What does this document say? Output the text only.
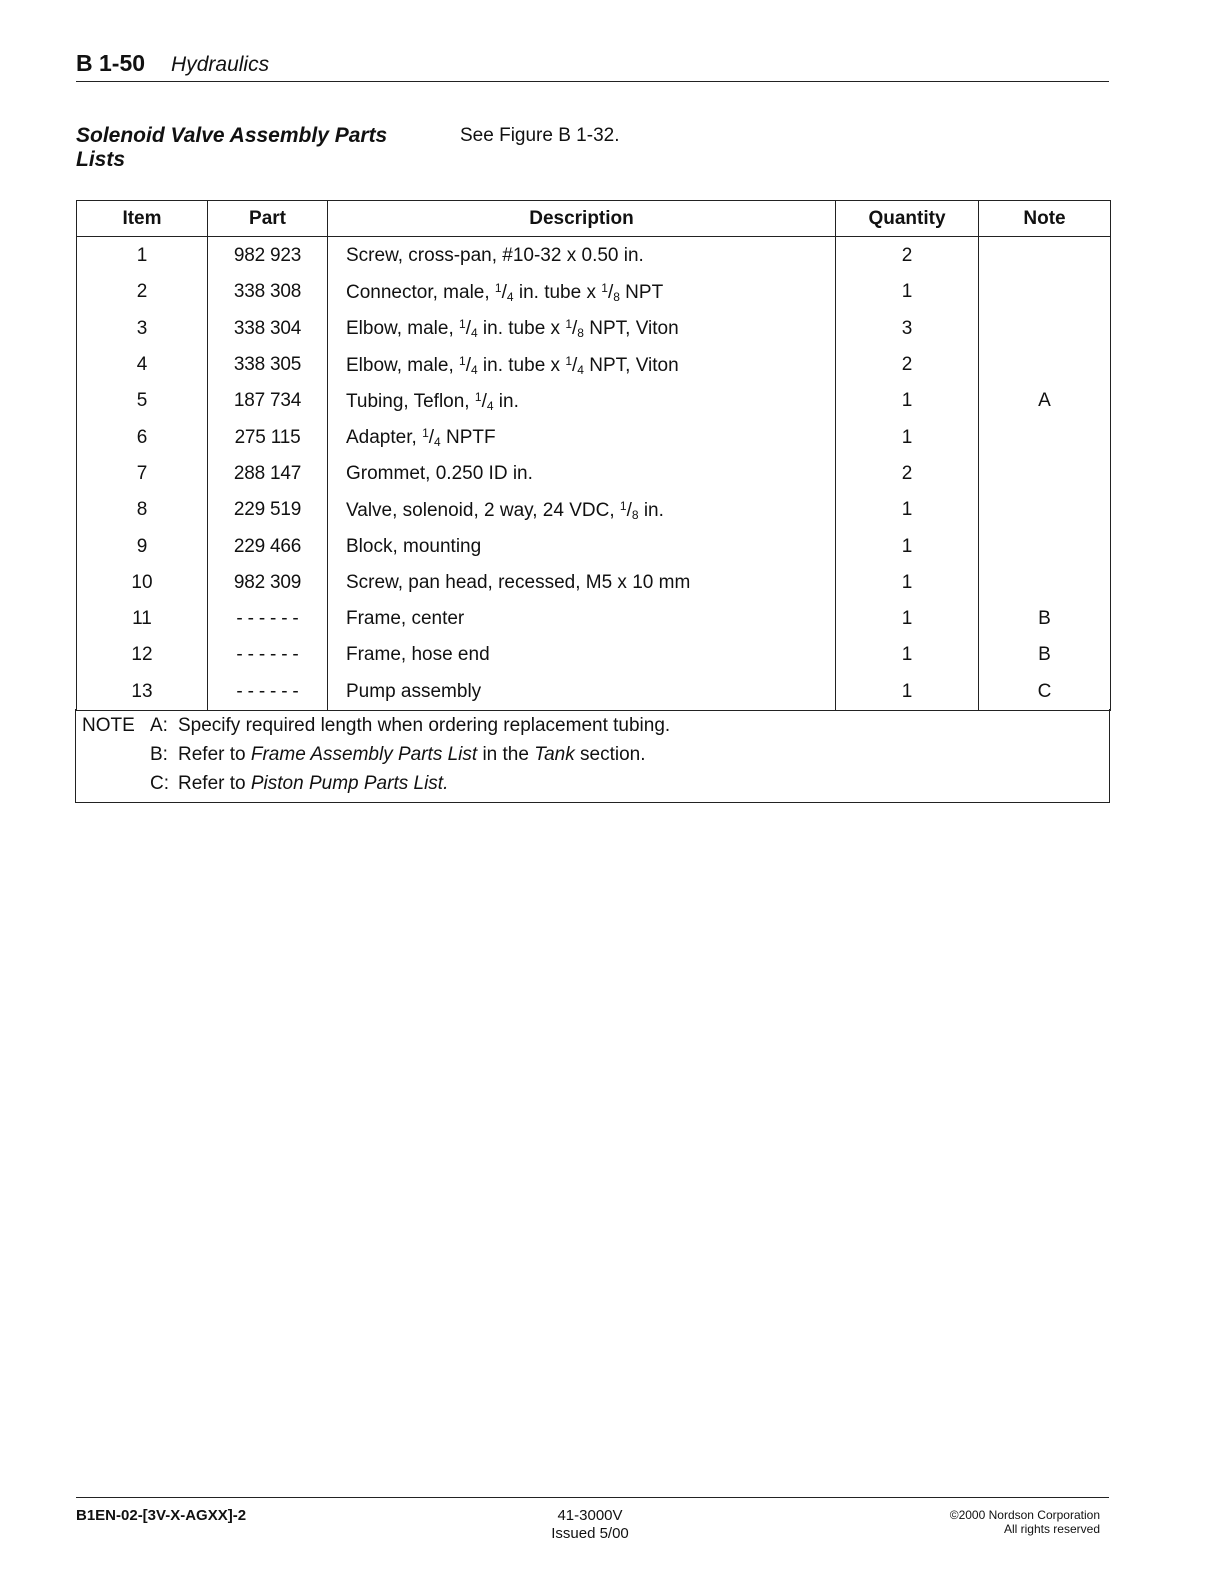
B 1-50 Hydraulics
Solenoid Valve Assembly Parts Lists
See Figure B 1-32.
Item	Part	Description	Quantity	Note
1	982 923	Screw, cross-pan, #10-32 x 0.50 in.	2	
2	338 308	Connector, male, $^1/_4$ in. tube x $^1/_8$ NPT	1	
3	338 304	Elbow, male, $^1/_4$ in. tube x $^1/_8$ NPT, Viton	3	
4	338 305	Elbow, male, $^1/_4$ in. tube x $^1/_4$ NPT, Viton	2	
5	187 734	Tubing, Teflon, $^1/_4$ in.	1	A
6	275 115	Adapter, $^1/_4$ NPTF	1	
7	288 147	Grommet, 0.250 ID in.	2	
8	229 519	Valve, solenoid, 2 way, 24 VDC, $^1/_8$ in.	1	
9	229 466	Block, mounting	1	
10	982 309	Screw, pan head, recessed, M5 x 10 mm	1	
11	- - - - - -	Frame, center	1	B
12	- - - - - -	Frame, hose end	1	B
13	- - - - - -	Pump assembly	1	C
NOTE A: Specify required length when ordering replacement tubing.
B: Refer to Frame Assembly Parts List in the Tank section.
C: Refer to Piston Pump Parts List.
B1EN-02-[3V-X-AGXX]-2	41-3000V
Issued 5/00
©2000 Nordson Corporation
All rights reserved
